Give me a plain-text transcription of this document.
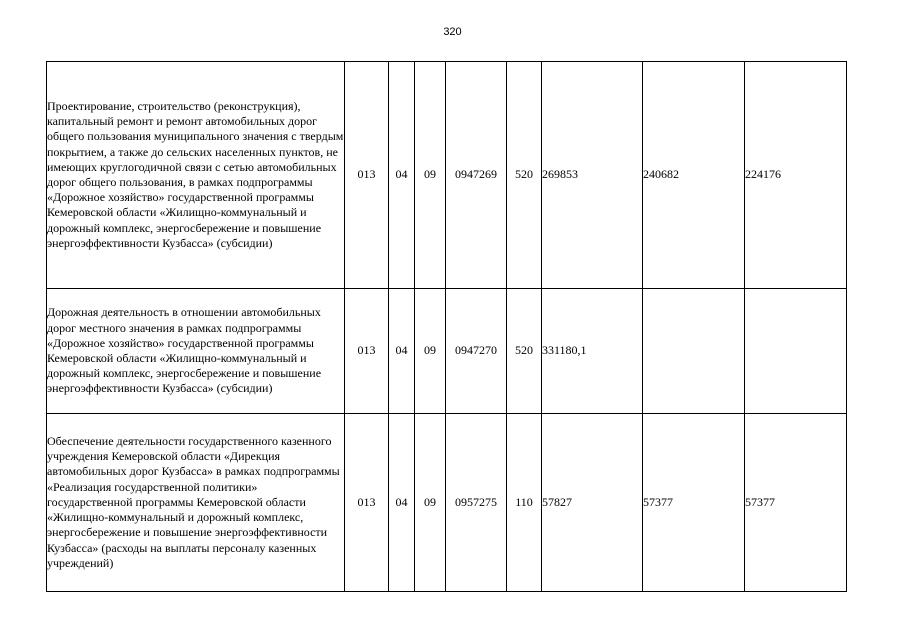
320
Проектирование, строительство (реконструкция), капитальный ремонт и ремонт автомобильных дорог общего пользования муниципального значения с твердым покрытием, а также до сельских населенных пунктов, не имеющих круглогодичной связи с сетью автомобильных дорог общего пользования, в рамках подпрограммы «Дорожное хозяйство» государственной программы Кемеровской области «Жилищно-коммунальный и дорожный комплекс, энергосбережение и повышение энергоэффективности Кузбасса» (субсидии)	013	04	09	0947269	520	269853	240682	224176
Дорожная деятельность в отношении автомобильных дорог местного значения в рамках подпрограммы «Дорожное хозяйство» государственной программы Кемеровской области «Жилищно-коммунальный и дорожный комплекс, энергосбережение и повышение энергоэффективности Кузбасса» (субсидии)	013	04	09	0947270	520	331180,1		
Обеспечение деятельности государственного казенного учреждения Кемеровской области «Дирекция автомобильных дорог Кузбасса» в рамках подпрограммы «Реализация государственной политики» государственной программы Кемеровской области «Жилищно-коммунальный и дорожный комплекс, энергосбережение и повышение энергоэффективности Кузбасса» (расходы на выплаты персоналу казенных учреждений)	013	04	09	0957275	110	57827	57377	57377
